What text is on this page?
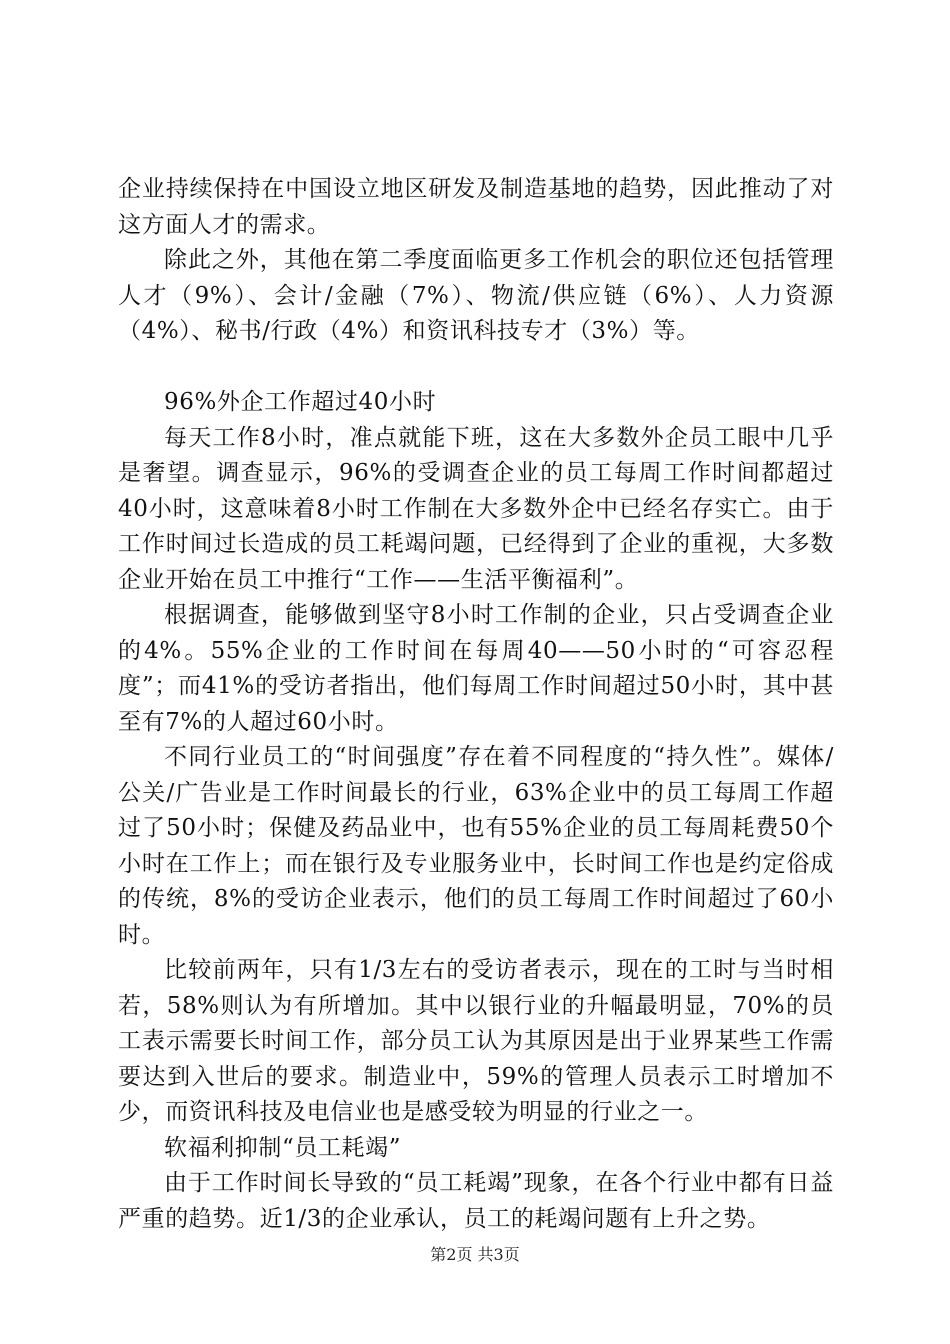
企业持续保持在中国设立地区研发及制造基地的趋势，因此推动了对这方面人才的需求。

除此之外，其他在第二季度面临更多工作机会的职位还包括管理人才（9%）、会计/金融（7%）、物流/供应链（6%）、人力资源（4%）、秘书/行政（4%）和资讯科技专才（3%）等。

96%外企工作超过40小时

每天工作8小时，准点就能下班，这在大多数外企员工眼中几乎是奢望。调查显示，96%的受调查企业的员工每周工作时间都超过40小时，这意味着8小时工作制在大多数外企中已经名存实亡。由于工作时间过长造成的员工耗竭问题，已经得到了企业的重视，大多数企业开始在员工中推行“工作——生活平衡福利”。

根据调查，能够做到坚守8小时工作制的企业，只占受调查企业的4%。55%企业的工作时间在每周40——50小时的“可容忍程度”；而41%的受访者指出，他们每周工作时间超过50小时，其中甚至有7%的人超过60小时。

不同行业员工的“时间强度”存在着不同程度的“持久性”。媒体/公关/广告业是工作时间最长的行业，63%企业中的员工每周工作超过了50小时；保健及药品业中，也有55%企业的员工每周耗费50个小时在工作上；而在银行及专业服务业中，长时间工作也是约定俗成的传统，8%的受访企业表示，他们的员工每周工作时间超过了60小时。

比较前两年，只有1/3左右的受访者表示，现在的工时与当时相若，58%则认为有所增加。其中以银行业的升幅最明显，70%的员工表示需要长时间工作，部分员工认为其原因是出于业界某些工作需要达到入世后的要求。制造业中，59%的管理人员表示工时增加不少，而资讯科技及电信业也是感受较为明显的行业之一。

软福利抑制“员工耗竭”

由于工作时间长导致的“员工耗竭”现象，在各个行业中都有日益严重的趋势。近1/3的企业承认，员工的耗竭问题有上升之势。

第2页 共3页
